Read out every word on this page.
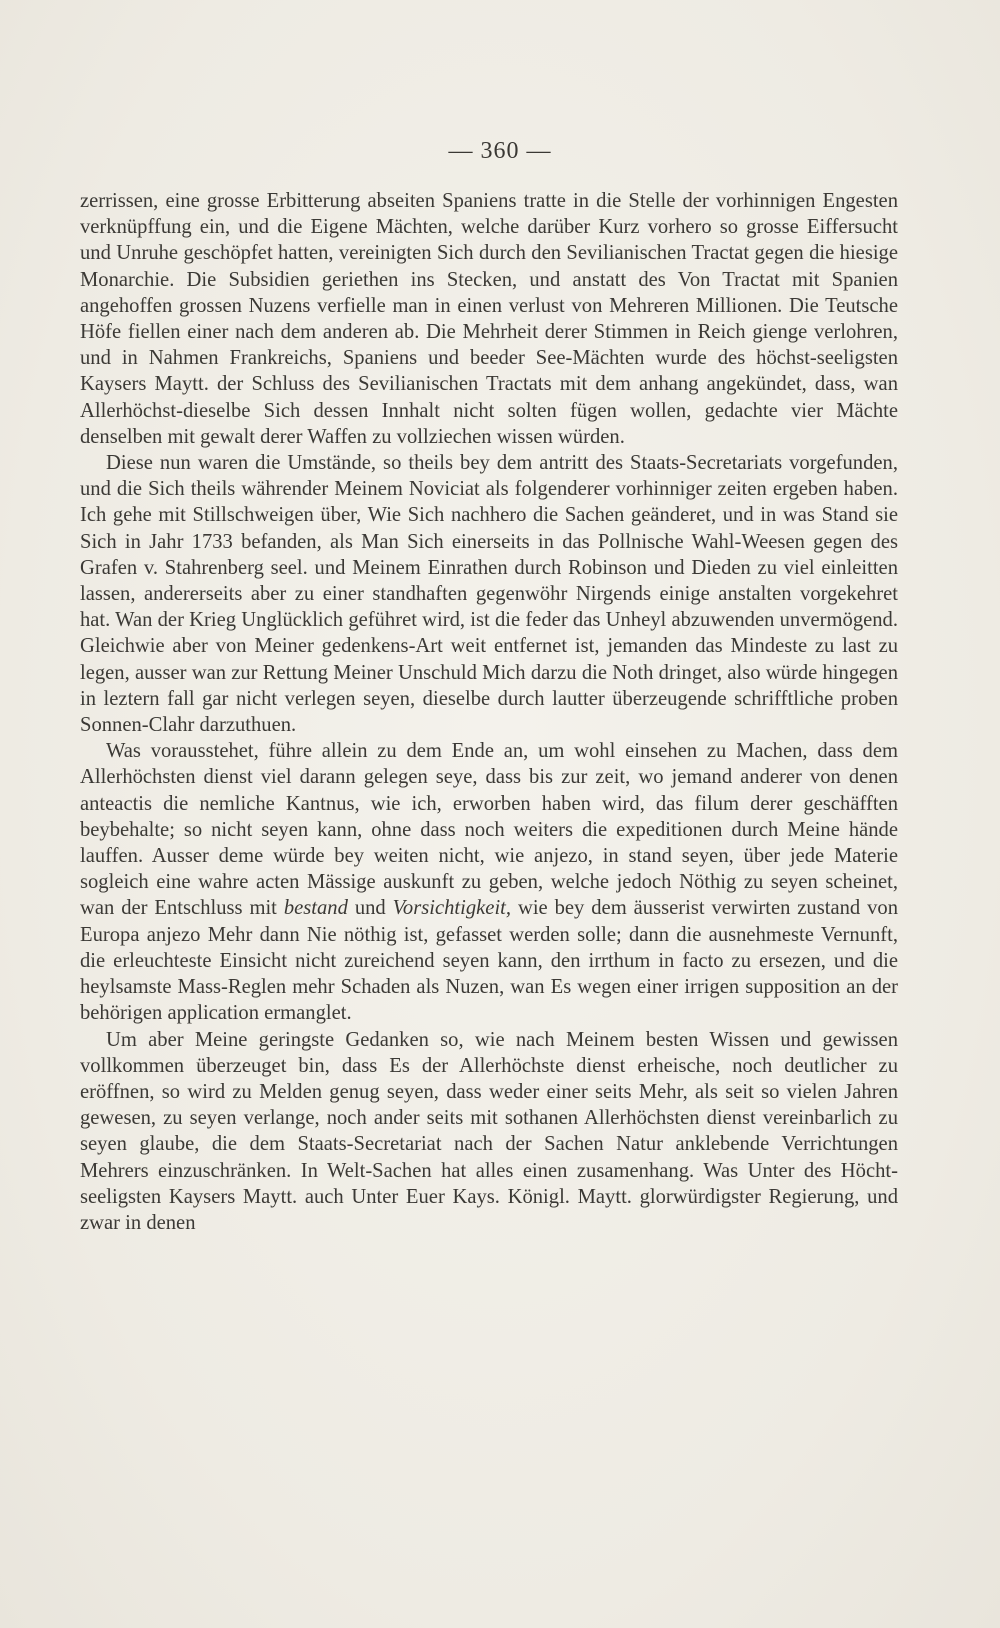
— 360 —

zerrissen, eine grosse Erbitterung abseiten Spaniens tratte in die Stelle der vorhinnigen Engesten verknüpffung ein, und die Eigene Mächten, welche darüber Kurz vorhero so grosse Eiffersucht und Unruhe geschöpfet hatten, vereinigten Sich durch den Sevilianischen Tractat gegen die hiesige Monarchie. Die Subsidien geriethen ins Stecken, und anstatt des Von Tractat mit Spanien angehoffen grossen Nuzens verfielle man in einen verlust von Mehreren Millionen. Die Teutsche Höfe fiellen einer nach dem anderen ab. Die Mehrheit derer Stimmen in Reich gienge verlohren, und in Nahmen Frankreichs, Spaniens und beeder See-Mächten wurde des höchst-seeligsten Kaysers Maytt. der Schluss des Sevilianischen Tractats mit dem anhang angekündet, dass, wan Allerhöchst-dieselbe Sich dessen Innhalt nicht solten fügen wollen, gedachte vier Mächte denselben mit gewalt derer Waffen zu vollziechen wissen würden.

Diese nun waren die Umstände, so theils bey dem antritt des Staats-Secretariats vorgefunden, und die Sich theils währender Meinem Noviciat als folgenderer vorhinniger zeiten ergeben haben. Ich gehe mit Stillschweigen über, Wie Sich nachhero die Sachen geänderet, und in was Stand sie Sich in Jahr 1733 befanden, als Man Sich einerseits in das Pollnische Wahl-Weesen gegen des Grafen v. Stahrenberg seel. und Meinem Einrathen durch Robinson und Dieden zu viel einleitten lassen, andererseits aber zu einer standhaften gegenwöhr Nirgends einige anstalten vorgekehret hat. Wan der Krieg Unglücklich geführet wird, ist die feder das Unheyl abzuwenden unvermögend. Gleichwie aber von Meiner gedenkens-Art weit entfernet ist, jemanden das Mindeste zu last zu legen, ausser wan zur Rettung Meiner Unschuld Mich darzu die Noth dringet, also würde hingegen in leztern fall gar nicht verlegen seyen, dieselbe durch lautter überzeugende schrifftliche proben Sonnen-Clahr darzuthuen.

Was vorausstehet, führe allein zu dem Ende an, um wohl einsehen zu Machen, dass dem Allerhöchsten dienst viel darann gelegen seye, dass bis zur zeit, wo jemand anderer von denen anteactis die nemliche Kantnus, wie ich, erworben haben wird, das filum derer geschäfften beybehalte; so nicht seyen kann, ohne dass noch weiters die expeditionen durch Meine hände lauffen. Ausser deme würde bey weiten nicht, wie anjezo, in stand seyen, über jede Materie sogleich eine wahre acten Mässige auskunft zu geben, welche jedoch Nöthig zu seyen scheinet, wan der Entschluss mit bestand und Vorsichtigkeit, wie bey dem äusserist verwirten zustand von Europa anjezo Mehr dann Nie nöthig ist, gefasset werden solle; dann die ausnehmeste Vernunft, die erleuchteste Einsicht nicht zureichend seyen kann, den irrthum in facto zu ersezen, und die heylsamste Mass-Reglen mehr Schaden als Nuzen, wan Es wegen einer irrigen supposition an der behörigen application ermanglet.

Um aber Meine geringste Gedanken so, wie nach Meinem besten Wissen und gewissen vollkommen überzeuget bin, dass Es der Allerhöchste dienst erheische, noch deutlicher zu eröffnen, so wird zu Melden genug seyen, dass weder einer seits Mehr, als seit so vielen Jahren gewesen, zu seyen verlange, noch ander seits mit sothanen Allerhöchsten dienst vereinbarlich zu seyen glaube, die dem Staats-Secretariat nach der Sachen Natur anklebende Verrichtungen Mehrers einzuschränken. In Welt-Sachen hat alles einen zusamenhang. Was Unter des Höcht-seeligsten Kaysers Maytt. auch Unter Euer Kays. Königl. Maytt. glorwürdigster Regierung, und zwar in denen
